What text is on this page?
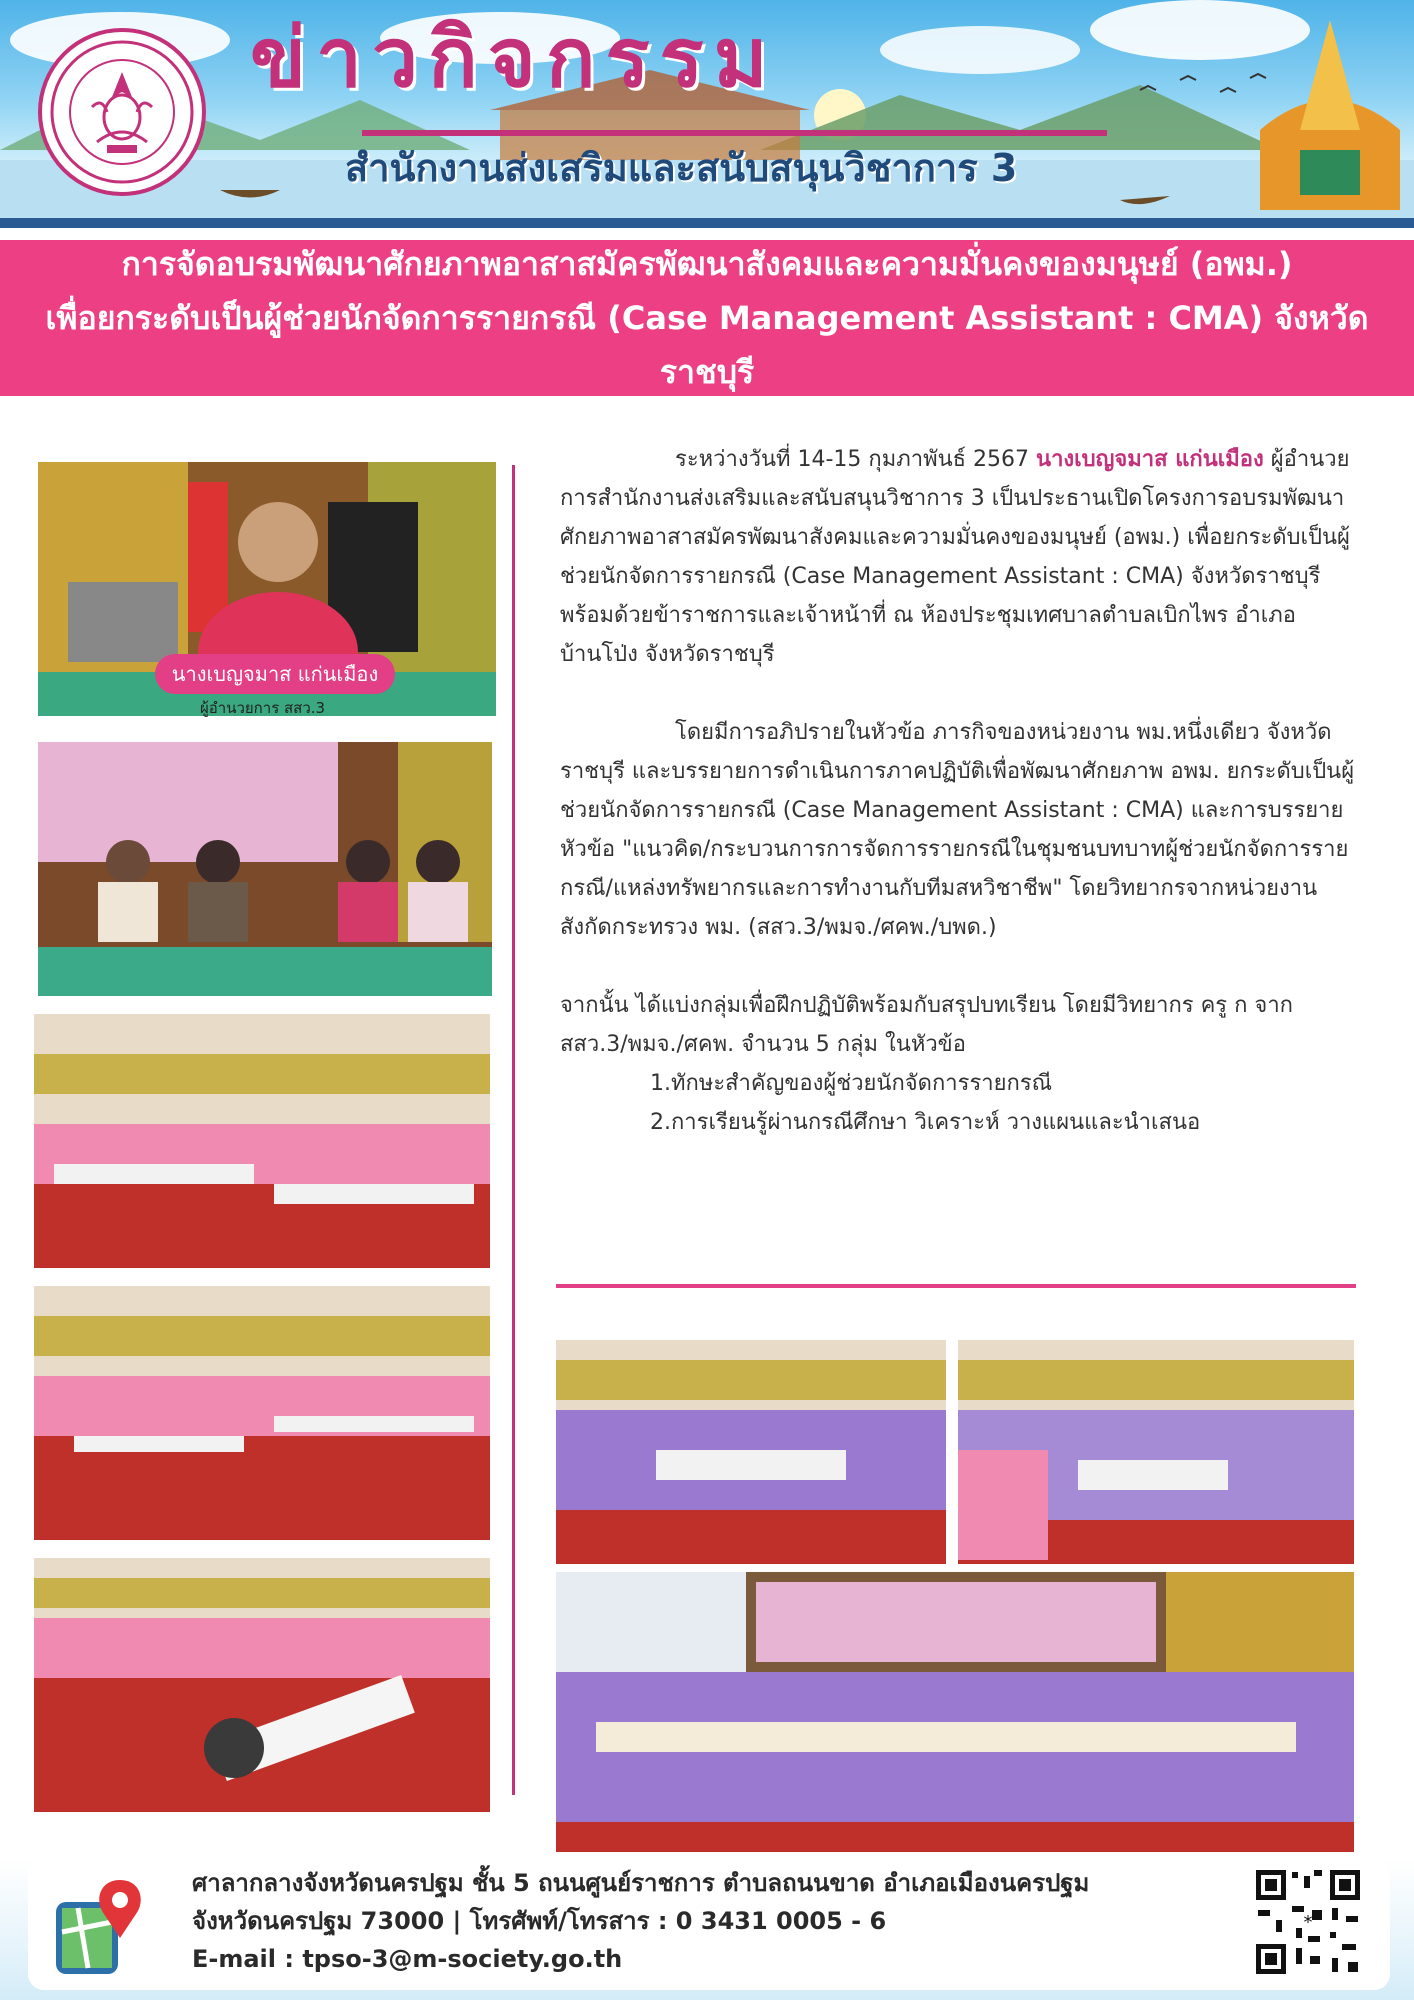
ข่าวกิจกรรม
สำนักงานส่งเสริมและสนับสนุนวิชาการ 3
การจัดอบรมพัฒนาศักยภาพอาสาสมัครพัฒนาสังคมและความมั่นคงของมนุษย์ (อพม.)
เพื่อยกระดับเป็นผู้ช่วยนักจัดการรายกรณี (Case Management Assistant : CMA) จังหวัดราชบุรี
นางเบญจมาส แก่นเมือง
ผู้อำนวยการ สสว.3
ระหว่างวันที่ 14-15 กุมภาพันธ์ 2567 นางเบญจมาส แก่นเมือง ผู้อำนวยการสำนักงานส่งเสริมและสนับสนุนวิชาการ 3 เป็นประธานเปิดโครงการอบรมพัฒนาศักยภาพอาสาสมัครพัฒนาสังคมและความมั่นคงของมนุษย์ (อพม.) เพื่อยกระดับเป็นผู้ช่วยนักจัดการรายกรณี (Case Management Assistant : CMA) จังหวัดราชบุรี พร้อมด้วยข้าราชการและเจ้าหน้าที่ ณ ห้องประชุมเทศบาลตำบลเบิกไพร อำเภอบ้านโป่ง จังหวัดราชบุรี
โดยมีการอภิปรายในหัวข้อ ภารกิจของหน่วยงาน พม.หนึ่งเดียว จังหวัดราชบุรี และบรรยายการดำเนินการภาคปฏิบัติเพื่อพัฒนาศักยภาพ อพม. ยกระดับเป็นผู้ช่วยนักจัดการรายกรณี (Case Management Assistant : CMA) และการบรรยายหัวข้อ "แนวคิด/กระบวนการการจัดการรายกรณีในชุมชนบทบาทผู้ช่วยนักจัดการรายกรณี/แหล่งทรัพยากรและการทำงานกับทีมสหวิชาชีพ" โดยวิทยากรจากหน่วยงานสังกัดกระทรวง พม. (สสว.3/พมจ./ศคพ./บพด.)
จากนั้น ได้แบ่งกลุ่มเพื่อฝึกปฏิบัติพร้อมกับสรุปบทเรียน โดยมีวิทยากร ครู ก จาก สสว.3/พมจ./ศคพ. จำนวน 5 กลุ่ม ในหัวข้อ
1.ทักษะสำคัญของผู้ช่วยนักจัดการรายกรณี
2.การเรียนรู้ผ่านกรณีศึกษา วิเคราะห์ วางแผนและนำเสนอ
ศาลากลางจังหวัดนครปฐม ชั้น 5 ถนนศูนย์ราชการ ตำบลถนนขาด อำเภอเมืองนครปฐม
จังหวัดนครปฐม 73000 | โทรศัพท์/โทรสาร : 0 3431 0005 - 6
E-mail : tpso-3@m-society.go.th
*
